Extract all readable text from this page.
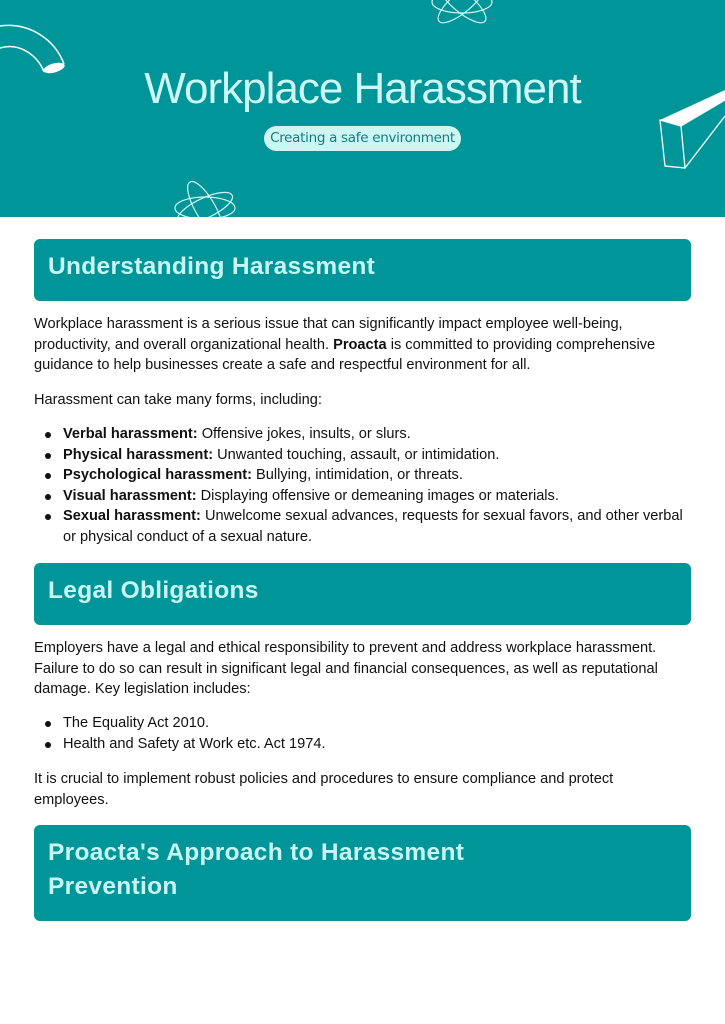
Workplace Harassment
Creating a safe environment
Understanding Harassment

Workplace harassment is a serious issue that can significantly impact employee well-being, productivity, and overall organizational health. Proacta is committed to providing comprehensive guidance to help businesses create a safe and respectful environment for all.

Harassment can take many forms, including:

Verbal harassment: Offensive jokes, insults, or slurs.
Physical harassment: Unwanted touching, assault, or intimidation.
Psychological harassment: Bullying, intimidation, or threats.
Visual harassment: Displaying offensive or demeaning images or materials.
Sexual harassment: Unwelcome sexual advances, requests for sexual favors, and other verbal or physical conduct of a sexual nature.
Legal Obligations

Employers have a legal and ethical responsibility to prevent and address workplace harassment. Failure to do so can result in significant legal and financial consequences, as well as reputational damage. Key legislation includes:

The Equality Act 2010.
Health and Safety at Work etc. Act 1974.

It is crucial to implement robust policies and procedures to ensure compliance and protect employees.

Proacta's Approach to Harassment
Prevention
